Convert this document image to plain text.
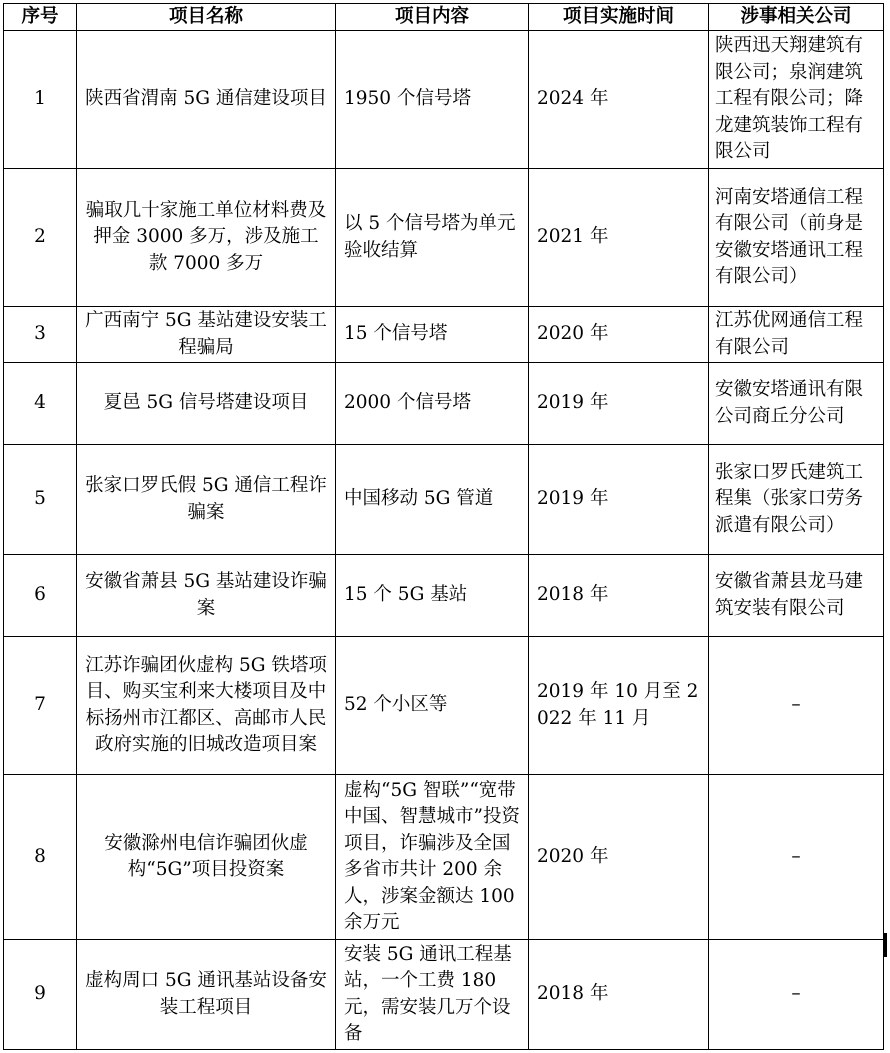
序号	项目名称	项目内容	项目实施时间	涉事相关公司
1	陕西省渭南 5G 通信建设项目	1950 个信号塔	2024 年	陕西迅天翔建筑有限公司；泉润建筑工程有限公司；降龙建筑装饰工程有限公司
2	骗取几十家施工单位材料费及押金 3000 多万，涉及施工款 7000 多万	以 5 个信号塔为单元验收结算	2021 年	河南安塔通信工程有限公司（前身是安徽安塔通讯工程有限公司）
3	广西南宁 5G 基站建设安装工程骗局	15 个信号塔	2020 年	江苏优网通信工程有限公司
4	夏邑 5G 信号塔建设项目	2000 个信号塔	2019 年	安徽安塔通讯有限公司商丘分公司
5	张家口罗氏假 5G 通信工程诈骗案	中国移动 5G 管道	2019 年	张家口罗氏建筑工程集（张家口劳务派遣有限公司）
6	安徽省萧县 5G 基站建设诈骗案	15 个 5G 基站	2018 年	安徽省萧县龙马建筑安装有限公司
7	江苏诈骗团伙虚构 5G 铁塔项目、购买宝利来大楼项目及中标扬州市江都区、高邮市人民政府实施的旧城改造项目案	52 个小区等	2019 年 10 月至 2022 年 11 月	–
8	安徽滁州电信诈骗团伙虚构“5G”项目投资案	虚构“5G 智联”“宽带中国、智慧城市”投资项目，诈骗涉及全国多省市共计 200 余人，涉案金额达 100 余万元	2020 年	–
9	虚构周口 5G 通讯基站设备安装工程项目	安装 5G 通讯工程基站，一个工费 180 元，需安装几万个设备	2018 年	–
